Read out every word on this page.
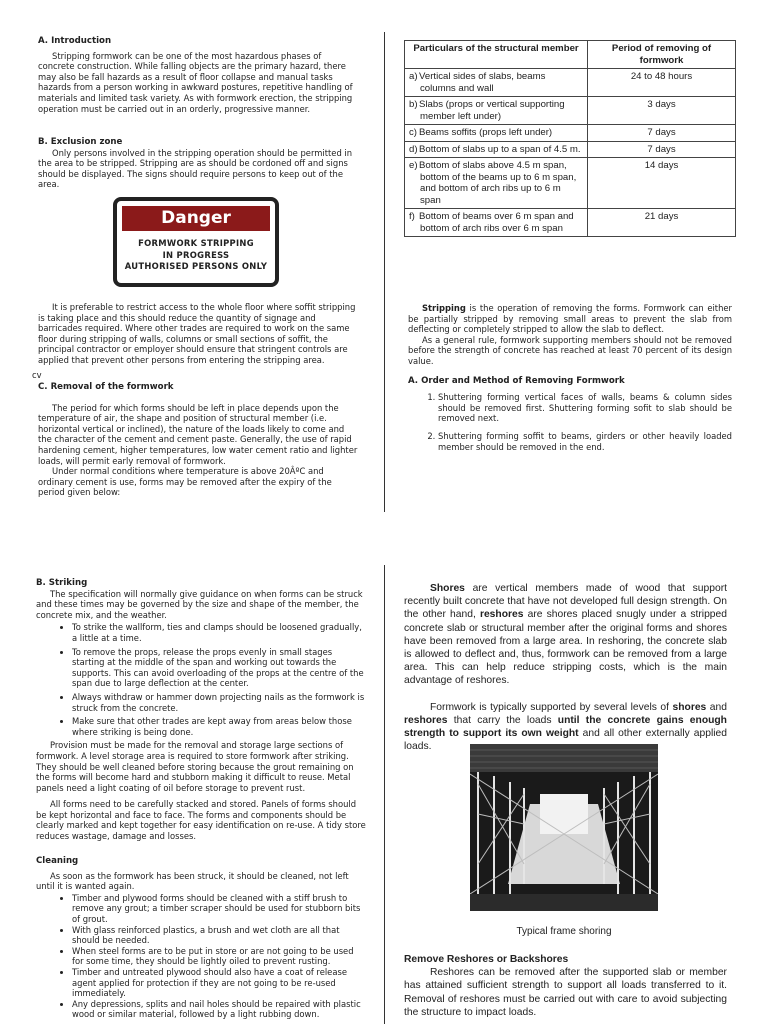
A. Introduction

Stripping formwork can be one of the most hazardous phases of concrete construction. While falling objects are the primary hazard, there may also be fall hazards as a result of floor collapse and manual tasks hazards from a person working in awkward postures, repetitive handling of materials and limited task variety. As with formwork erection, the stripping operation must be carried out in an orderly, progressive manner.

B. Exclusion zone

Only persons involved in the stripping operation should be permitted in the area to be stripped. Stripping are as should be cordoned off and signs should be displayed. The signs should require persons to keep out of the area.

Danger
FORMWORK STRIPPING
IN PROGRESS
AUTHORISED PERSONS ONLY

It is preferable to restrict access to the whole floor where soffit stripping is taking place and this should reduce the quantity of signage and barricades required. Where other trades are required to work on the same floor during stripping of walls, columns or small sections of soffit, the principal contractor or employer should ensure that stringent controls are applied that prevent other persons from entering the stripping area.

cv

C. Removal of the formwork

The period for which forms should be left in place depends upon the temperature of air, the shape and position of structural member (i.e. horizontal vertical or inclined), the nature of the loads likely to come and the character of the cement and cement paste. Generally, the use of rapid hardening cement, higher temperatures, low water cement ratio and lighter loads, will permit early removal of formwork.

Under normal conditions where temperature is above 20ÂºC and ordinary cement is use, forms may be removed after the expiry of the period given below:

Particulars of the structural member	Period of removing of formwork
a)Vertical sides of slabs, beams columns and wall	24 to 48 hours
b)Slabs (props or vertical supporting member left under)	3 days
c) Beams soffits (props left under)	7 days
d)Bottom of slabs up to a span of 4.5 m.	7 days
e)Bottom of slabs above 4.5 m span, bottom of the beams up to 6 m span, and bottom of arch ribs up to 6 m span	14 days
f) Bottom of beams over 6 m span and bottom of arch ribs over 6 m span	21 days

Stripping is the operation of removing the forms. Formwork can either be partially stripped by removing small areas to prevent the slab from deflecting or completely stripped to allow the slab to deflect.

As a general rule, formwork supporting members should not be removed before the strength of concrete has reached at least 70 percent of its design value.

A. Order and Method of Removing Formwork

1. Shuttering forming vertical faces of walls, beams & column sides should be removed first. Shuttering forming sofit to slab should be removed next.
2. Shuttering forming soffit to beams, girders or other heavily loaded member should be removed in the end.

B. Striking

The specification will normally give guidance on when forms can be struck and these times may be governed by the size and shape of the member, the concrete mix, and the weather.

• To strike the wallform, ties and clamps should be loosened gradually, a little at a time.
• To remove the props, release the props evenly in small stages starting at the middle of the span and working out towards the supports. This can avoid overloading of the props at the centre of the span due to large deflection at the center.
• Always withdraw or hammer down projecting nails as the formwork is struck from the concrete.
• Make sure that other trades are kept away from areas below those where striking is being done.

Provision must be made for the removal and storage large sections of formwork. A level storage area is required to store formwork after striking. They should be well cleaned before storing because the grout remaining on the forms will become hard and stubborn making it difficult to reuse. Metal panels need a light coating of oil before storage to prevent rust.

All forms need to be carefully stacked and stored. Panels of forms should be kept horizontal and face to face. The forms and components should be clearly marked and kept together for easy identification on re-use. A tidy store reduces wastage, damage and losses.

Cleaning

As soon as the formwork has been struck, it should be cleaned, not left until it is wanted again.

• Timber and plywood forms should be cleaned with a stiff brush to remove any grout; a timber scraper should be used for stubborn bits of grout.
• With glass reinforced plastics, a brush and wet cloth are all that should be needed.
• When steel forms are to be put in store or are not going to be used for some time, they should be lightly oiled to prevent rusting.
• Timber and untreated plywood should also have a coat of release agent applied for protection if they are not going to be re-used immediately.
• Any depressions, splits and nail holes should be repaired with plastic wood or similar material, followed by a light rubbing down.

Shores are vertical members made of wood that support recently built concrete that have not developed full design strength. On the other hand, reshores are shores placed snugly under a stripped concrete slab or structural member after the original forms and shores have been removed from a large area. In reshoring, the concrete slab is allowed to deflect and, thus, formwork can be removed from a large area. This can help reduce stripping costs, which is the main advantage of reshores.

Formwork is typically supported by several levels of shores and reshores that carry the loads until the concrete gains enough strength to support its own weight and all other externally applied loads.

Typical frame shoring

Remove Reshores or Backshores

Reshores can be removed after the supported slab or member has attained sufficient strength to support all loads transferred to it. Removal of reshores must be carried out with care to avoid subjecting the structure to impact loads.
